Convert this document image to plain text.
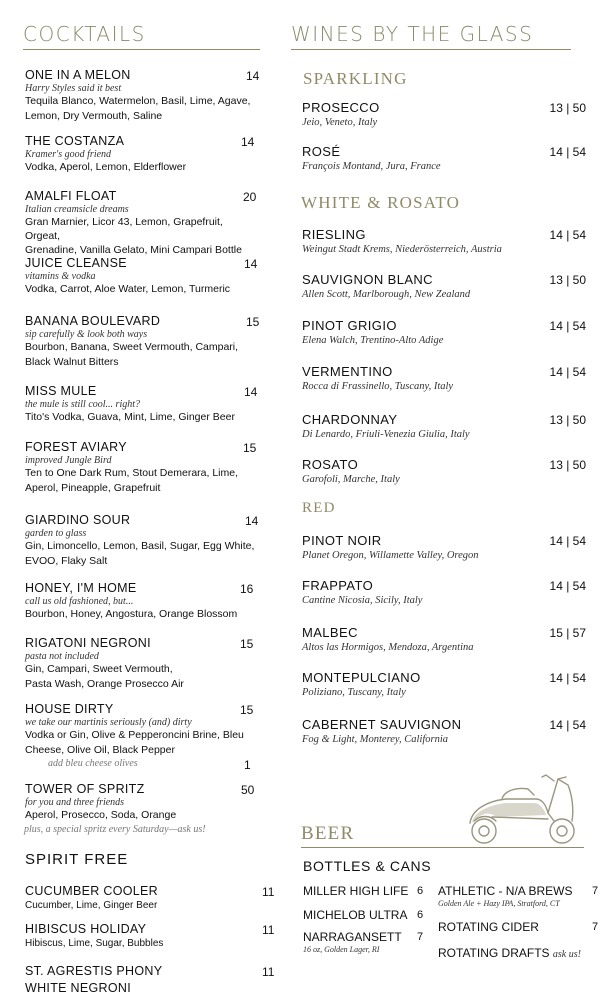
COCKTAILS	WINES BY THE GLASS
ONE IN A MELON
Harry Styles said it best
Tequila Blanco, Watermelon, Basil, Lime, Agave,
Lemon, Dry Vermouth, Saline
14
THE COSTANZA
Kramer's good friend
Vodka, Aperol, Lemon, Elderflower
14
AMALFI FLOAT
Italian creamsicle dreams
Gran Marnier, Licor 43, Lemon, Grapefruit, Orgeat,
Grenadine, Vanilla Gelato, Mini Campari Bottle
20
JUICE CLEANSE
vitamins & vodka
Vodka, Carrot, Aloe Water, Lemon, Turmeric
14
BANANA BOULEVARD
sip carefully & look both ways
Bourbon, Banana, Sweet Vermouth, Campari,
Black Walnut Bitters
15
MISS MULE
the mule is still cool... right?
Tito's Vodka, Guava, Mint, Lime, Ginger Beer
14
FOREST AVIARY
improved Jungle Bird
Ten to One Dark Rum, Stout Demerara, Lime,
Aperol, Pineapple, Grapefruit
15
GIARDINO SOUR
garden to glass
Gin, Limoncello, Lemon, Basil, Sugar, Egg White,
EVOO, Flaky Salt
14
HONEY, I'M HOME
call us old fashioned, but...
Bourbon, Honey, Angostura, Orange Blossom
16
RIGATONI NEGRONI
pasta not included
Gin, Campari, Sweet Vermouth,
Pasta Wash, Orange Prosecco Air
15
HOUSE DIRTY
we take our martinis seriously (and) dirty
Vodka or Gin, Olive & Pepperoncini Brine, Bleu
Cheese, Olive Oil, Black Pepper
15
TOWER OF SPRITZ
for you and three friends
Aperol, Prosecco, Soda, Orange
50
add bleu cheese olives	1
plus, a special spritz every Saturday—ask us!
SPIRIT FREE
CUCUMBER COOLER
Cucumber, Lime, Ginger Beer
11
HIBISCUS HOLIDAY
Hibiscus, Lime, Sugar, Bubbles
11
ST. AGRESTIS PHONY
WHITE NEGRONI
11
SPARKLING
WHITE & ROSATO
RED
PROSECCO
Jeio, Veneto, Italy
13 | 50
ROSÉ
François Montand, Jura, France
14 | 54
RIESLING
Weingut Stadt Krems, Niederösterreich, Austria
14 | 54
SAUVIGNON BLANC
Allen Scott, Marlborough, New Zealand
13 | 50
PINOT GRIGIO
Elena Walch, Trentino-Alto Adige
14 | 54
VERMENTINO
Rocca di Frassinello, Tuscany, Italy
14 | 54
CHARDONNAY
Di Lenardo, Friuli-Venezia Giulia, Italy
13 | 50
ROSATO
Garofoli, Marche, Italy
13 | 50
PINOT NOIR
Planet Oregon, Willamette Valley, Oregon
14 | 54
FRAPPATO
Cantine Nicosia, Sicily, Italy
14 | 54
MALBEC
Altos las Hormigos, Mendoza, Argentina
15 | 57
MONTEPULCIANO
Poliziano, Tuscany, Italy
14 | 54
CABERNET SAUVIGNON
Fog & Light, Monterey, California
14 | 54
BEER
BOTTLES & CANS
MILLER HIGH LIFE 6
MICHELOB ULTRA 6
NARRAGANSETT
16 oz, Golden Lager, RI
7
ATHLETIC - N/A BREWS
Golden Ale + Hazy IPA, Stratford, CT
7
ROTATING CIDER	7
ROTATING DRAFTS ask us!
